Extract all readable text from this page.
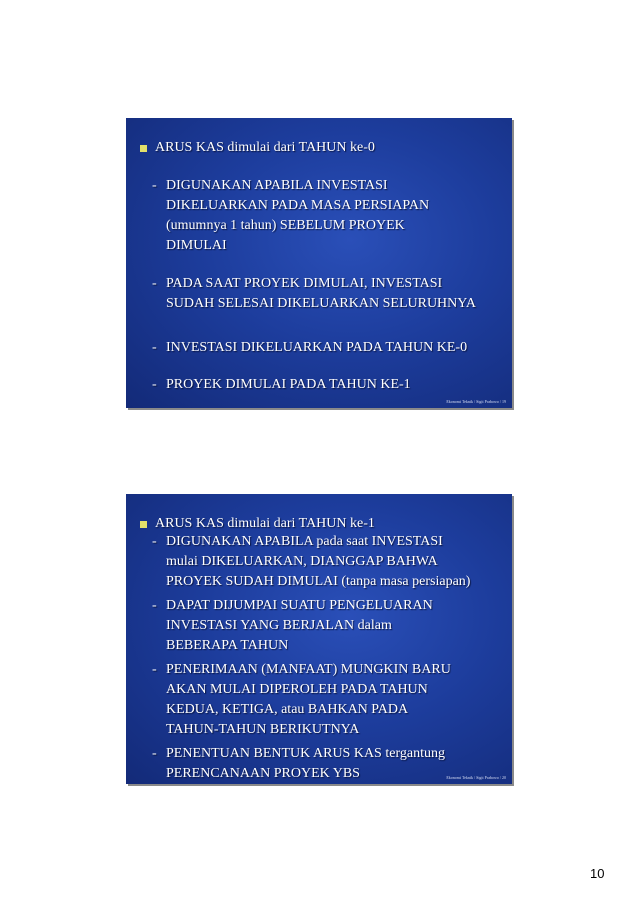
ARUS KAS dimulai dari TAHUN ke-0
- DIGUNAKAN APABILA INVESTASI
DIKELUARKAN PADA MASA PERSIAPAN
(umumnya 1 tahun) SEBELUM PROYEK
DIMULAI
- PADA SAAT PROYEK DIMULAI, INVESTASI
SUDAH SELESAI DIKELUARKAN SELURUHNYA
- INVESTASI DIKELUARKAN PADA TAHUN KE-0
- PROYEK DIMULAI PADA TAHUN KE-1
Ekonomi Teknik / Sigit Prabowo / 19
ARUS KAS dimulai dari TAHUN ke-1
- DIGUNAKAN APABILA pada saat INVESTASI
mulai DIKELUARKAN, DIANGGAP BAHWA
PROYEK SUDAH DIMULAI (tanpa masa persiapan)
- DAPAT DIJUMPAI SUATU PENGELUARAN
INVESTASI YANG BERJALAN dalam
BEBERAPA TAHUN
- PENERIMAAN (MANFAAT) MUNGKIN BARU
AKAN MULAI DIPEROLEH PADA TAHUN
KEDUA, KETIGA, atau BAHKAN PADA
TAHUN-TAHUN BERIKUTNYA
- PENENTUAN BENTUK ARUS KAS tergantung
PERENCANAAN PROYEK YBS	Ekonomi Teknik / Sigit Prabowo / 20
10
